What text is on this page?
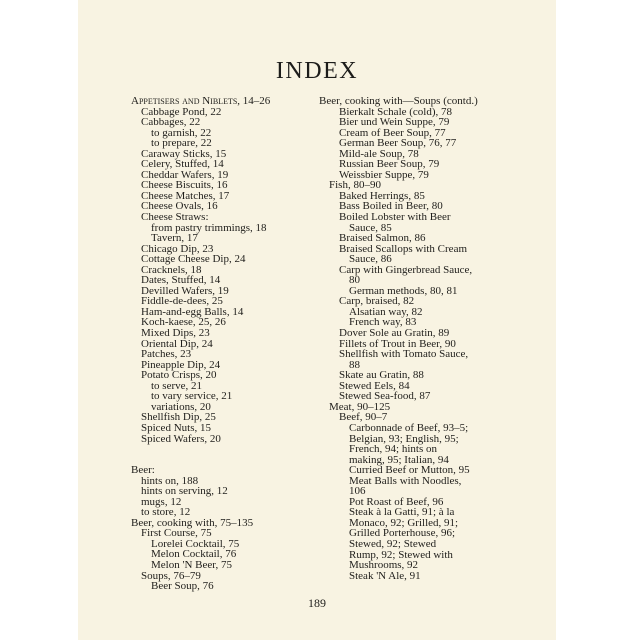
INDEX
Appetisers and Niblets, 14–26
Cabbage Pond, 22
Cabbages, 22
to garnish, 22
to prepare, 22
Caraway Sticks, 15
Celery, Stuffed, 14
Cheddar Wafers, 19
Cheese Biscuits, 16
Cheese Matches, 17
Cheese Ovals, 16
Cheese Straws:
from pastry trimmings, 18
Tavern, 17
Chicago Dip, 23
Cottage Cheese Dip, 24
Cracknels, 18
Dates, Stuffed, 14
Devilled Wafers, 19
Fiddle-de-dees, 25
Ham-and-egg Balls, 14
Koch-kaese, 25, 26
Mixed Dips, 23
Oriental Dip, 24
Patches, 23
Pineapple Dip, 24
Potato Crisps, 20
to serve, 21
to vary service, 21
variations, 20
Shellfish Dip, 25
Spiced Nuts, 15
Spiced Wafers, 20
Beer:
hints on, 188
hints on serving, 12
mugs, 12
to store, 12
Beer, cooking with, 75–135
First Course, 75
Lorelei Cocktail, 75
Melon Cocktail, 76
Melon 'N Beer, 75
Soups, 76–79
Beer Soup, 76
Beer, cooking with—Soups (contd.)
Bierkalt Schale (cold), 78
Bier und Wein Suppe, 79
Cream of Beer Soup, 77
German Beer Soup, 76, 77
Mild-ale Soup, 78
Russian Beer Soup, 79
Weissbier Suppe, 79
Fish, 80–90
Baked Herrings, 85
Bass Boiled in Beer, 80
Boiled Lobster with Beer
Sauce, 85
Braised Salmon, 86
Braised Scallops with Cream
Sauce, 86
Carp with Gingerbread Sauce,
80
German methods, 80, 81
Carp, braised, 82
Alsatian way, 82
French way, 83
Dover Sole au Gratin, 89
Fillets of Trout in Beer, 90
Shellfish with Tomato Sauce,
88
Skate au Gratin, 88
Stewed Eels, 84
Stewed Sea-food, 87
Meat, 90–125
Beef, 90–7
Carbonnade of Beef, 93–5;
Belgian, 93; English, 95;
French, 94; hints on
making, 95; Italian, 94
Curried Beef or Mutton, 95
Meat Balls with Noodles,
106
Pot Roast of Beef, 96
Steak à la Gatti, 91; à la
Monaco, 92; Grilled, 91;
Grilled Porterhouse, 96;
Stewed, 92; Stewed
Rump, 92; Stewed with
Mushrooms, 92
Steak 'N Ale, 91
189
